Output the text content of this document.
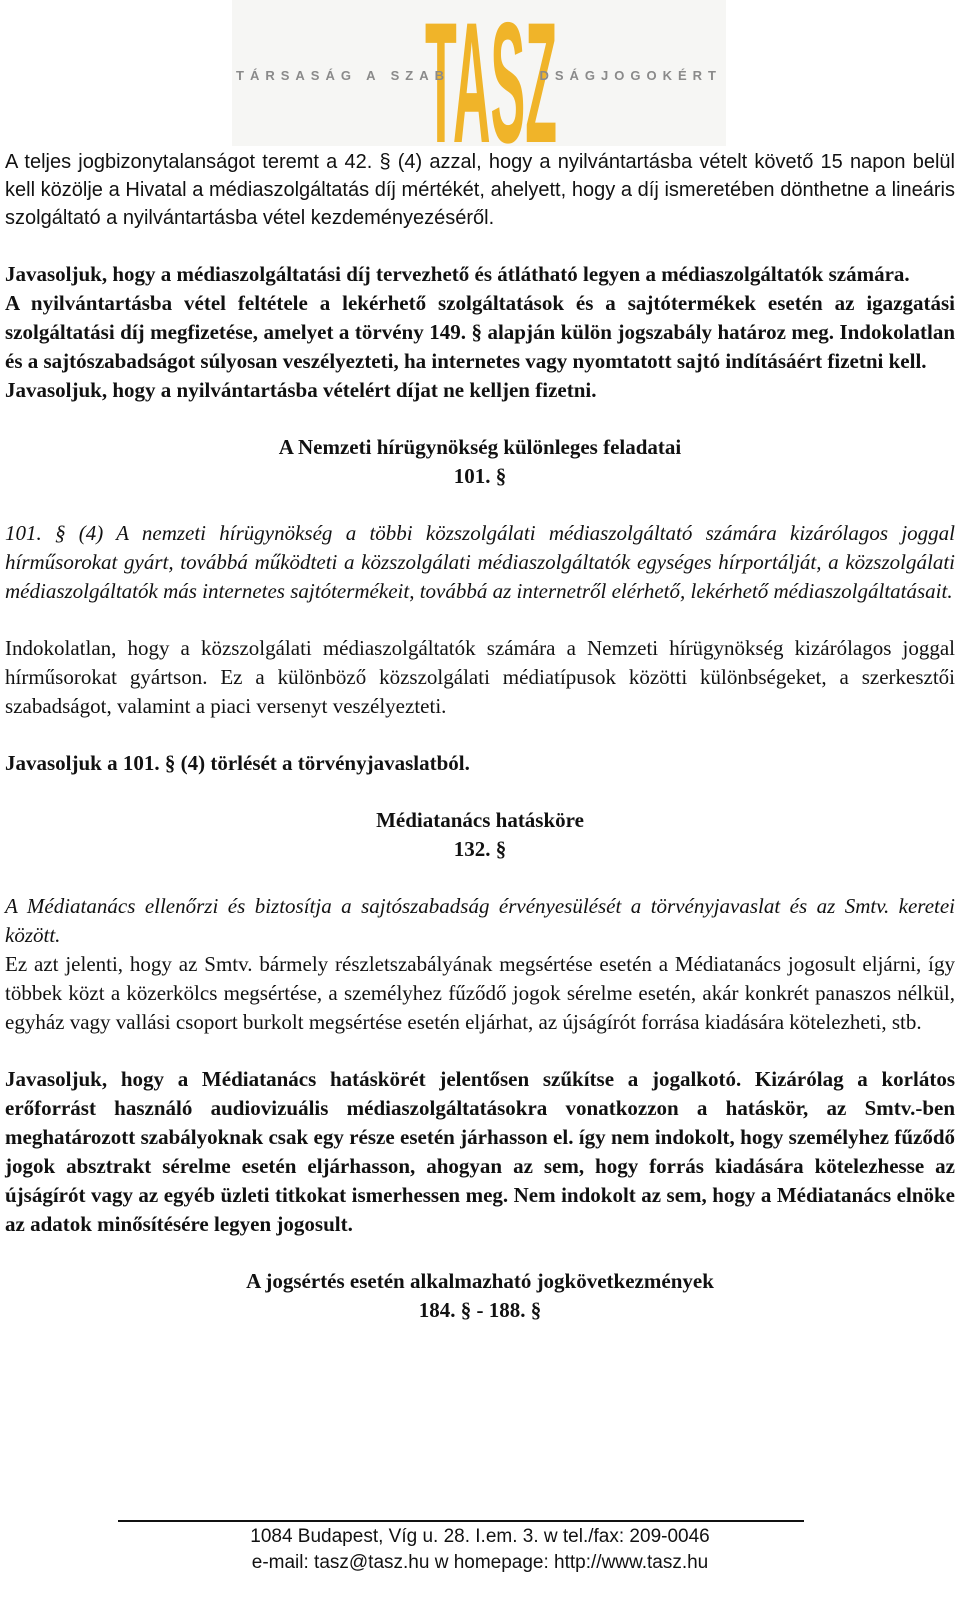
TASZ
TÁRSASÁG A SZAB	DSÁGJOGOKÉRT

A teljes jogbizonytalanságot teremt a 42. § (4) azzal, hogy a nyilvántartásba vételt követő 15 napon belül kell közölje a Hivatal a médiaszolgáltatás díj mértékét, ahelyett, hogy a díj ismeretében dönthetne a lineáris szolgáltató a nyilvántartásba vétel kezdeményezéséről.

Javasoljuk, hogy a médiaszolgáltatási díj tervezhető és átlátható legyen a médiaszolgáltatók számára.

A nyilvántartásba vétel feltétele a lekérhető szolgáltatások és a sajtótermékek esetén az igazgatási szolgáltatási díj megfizetése, amelyet a törvény 149. § alapján külön jogszabály határoz meg. Indokolatlan és a sajtószabadságot súlyosan veszélyezteti, ha internetes vagy nyomtatott sajtó indításáért fizetni kell.

Javasoljuk, hogy a nyilvántartásba vételért díjat ne kelljen fizetni.

A Nemzeti hírügynökség különleges feladatai

101. §

101. § (4) A nemzeti hírügynökség a többi közszolgálati médiaszolgáltató számára kizárólagos joggal hírműsorokat gyárt, továbbá működteti a közszolgálati médiaszolgáltatók egységes hírportálját, a közszolgálati médiaszolgáltatók más internetes sajtótermékeit, továbbá az internetről elérhető, lekérhető médiaszolgáltatásait.

Indokolatlan, hogy a közszolgálati médiaszolgáltatók számára a Nemzeti hírügynökség kizárólagos joggal hírműsorokat gyártson. Ez a különböző közszolgálati médiatípusok közötti különbségeket, a szerkesztői szabadságot, valamint a piaci versenyt veszélyezteti.

Javasoljuk a 101. § (4) törlését a törvényjavaslatból.

Médiatanács hatásköre

132. §

A Médiatanács ellenőrzi és biztosítja a sajtószabadság érvényesülését a törvényjavaslat és az Smtv. keretei között.

Ez azt jelenti, hogy az Smtv. bármely részletszabályának megsértése esetén a Médiatanács jogosult eljárni, így többek közt a közerkölcs megsértése, a személyhez fűződő jogok sérelme esetén, akár konkrét panaszos nélkül, egyház vagy vallási csoport burkolt megsértése esetén eljárhat, az újságírót forrása kiadására kötelezheti, stb.

Javasoljuk, hogy a Médiatanács hatáskörét jelentősen szűkítse a jogalkotó. Kizárólag a korlátos erőforrást használó audiovizuális médiaszolgáltatásokra vonatkozzon a hatáskör, az Smtv.-ben meghatározott szabályoknak csak egy része esetén járhasson el. így nem indokolt, hogy személyhez fűződő jogok absztrakt sérelme esetén eljárhasson, ahogyan az sem, hogy forrás kiadására kötelezhesse az újságírót vagy az egyéb üzleti titkokat ismerhessen meg. Nem indokolt az sem, hogy a Médiatanács elnöke az adatok minősítésére legyen jogosult.

A jogsértés esetén alkalmazható jogkövetkezmények

184. § - 188. §

1084 Budapest, Víg u. 28. I.em. 3. w tel./fax: 209-0046
e-mail: tasz@tasz.hu w homepage: http://www.tasz.hu
